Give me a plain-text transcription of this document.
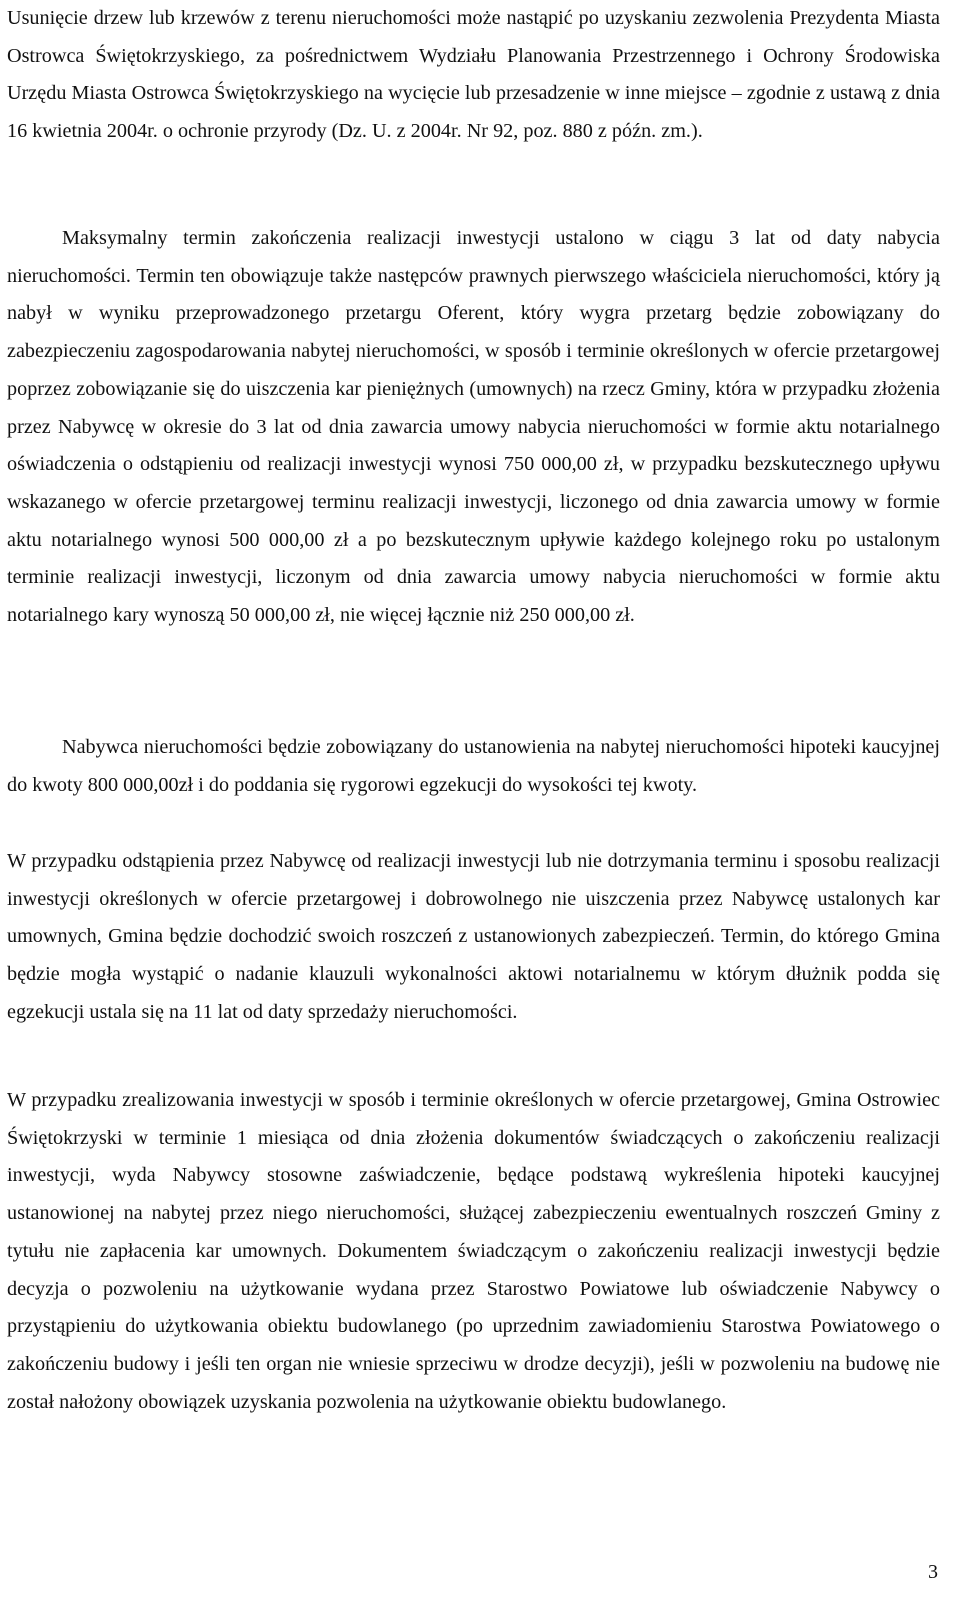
Usunięcie drzew lub krzewów z terenu nieruchomości może nastąpić po uzyskaniu zezwolenia Prezydenta Miasta Ostrowca Świętokrzyskiego, za pośrednictwem Wydziału Planowania Przestrzennego i Ochrony Środowiska Urzędu Miasta Ostrowca Świętokrzyskiego na wycięcie lub przesadzenie w inne miejsce – zgodnie z ustawą z dnia 16 kwietnia 2004r. o ochronie przyrody (Dz. U. z 2004r. Nr 92, poz. 880 z późn. zm.).

Maksymalny termin zakończenia realizacji inwestycji ustalono w ciągu 3 lat od daty nabycia nieruchomości. Termin ten obowiązuje także następców prawnych pierwszego właściciela nieruchomości, który ją nabył w wyniku przeprowadzonego przetargu Oferent, który wygra przetarg będzie zobowiązany do zabezpieczeniu zagospodarowania nabytej nieruchomości, w sposób i terminie określonych w ofercie przetargowej poprzez zobowiązanie się do uiszczenia kar pieniężnych (umownych) na rzecz Gminy, która w przypadku złożenia przez Nabywcę w okresie do 3 lat od dnia zawarcia umowy nabycia nieruchomości w formie aktu notarialnego oświadczenia o odstąpieniu od realizacji inwestycji wynosi 750 000,00 zł, w przypadku bezskutecznego upływu wskazanego w ofercie przetargowej terminu realizacji inwestycji, liczonego od dnia zawarcia umowy w formie aktu notarialnego wynosi 500 000,00 zł a po bezskutecznym upływie każdego kolejnego roku po ustalonym terminie realizacji inwestycji, liczonym od dnia zawarcia umowy nabycia nieruchomości w formie aktu notarialnego kary wynoszą 50 000,00 zł, nie więcej łącznie niż 250 000,00 zł.

Nabywca nieruchomości będzie zobowiązany do ustanowienia na nabytej nieruchomości hipoteki kaucyjnej do kwoty 800 000,00zł i do poddania się rygorowi egzekucji do wysokości tej kwoty.

W przypadku odstąpienia przez Nabywcę od realizacji inwestycji lub nie dotrzymania terminu i sposobu realizacji inwestycji określonych w ofercie przetargowej i dobrowolnego nie uiszczenia przez Nabywcę ustalonych kar umownych, Gmina będzie dochodzić swoich roszczeń z ustanowionych zabezpieczeń. Termin, do którego Gmina będzie mogła wystąpić o nadanie klauzuli wykonalności aktowi notarialnemu w którym dłużnik podda się egzekucji ustala się na 11 lat od daty sprzedaży nieruchomości.

W przypadku zrealizowania inwestycji w sposób i terminie określonych w ofercie przetargowej, Gmina Ostrowiec Świętokrzyski w terminie 1 miesiąca od dnia złożenia dokumentów świadczących o zakończeniu realizacji inwestycji, wyda Nabywcy stosowne zaświadczenie, będące podstawą wykreślenia hipoteki kaucyjnej ustanowionej na nabytej przez niego nieruchomości, służącej zabezpieczeniu ewentualnych roszczeń Gminy z tytułu nie zapłacenia kar umownych. Dokumentem świadczącym o zakończeniu realizacji inwestycji będzie decyzja o pozwoleniu na użytkowanie wydana przez Starostwo Powiatowe lub oświadczenie Nabywcy o przystąpieniu do użytkowania obiektu budowlanego (po uprzednim zawiadomieniu Starostwa Powiatowego o zakończeniu budowy i jeśli ten organ nie wniesie sprzeciwu w drodze decyzji), jeśli w pozwoleniu na budowę nie został nałożony obowiązek uzyskania pozwolenia na użytkowanie obiektu budowlanego.

3
